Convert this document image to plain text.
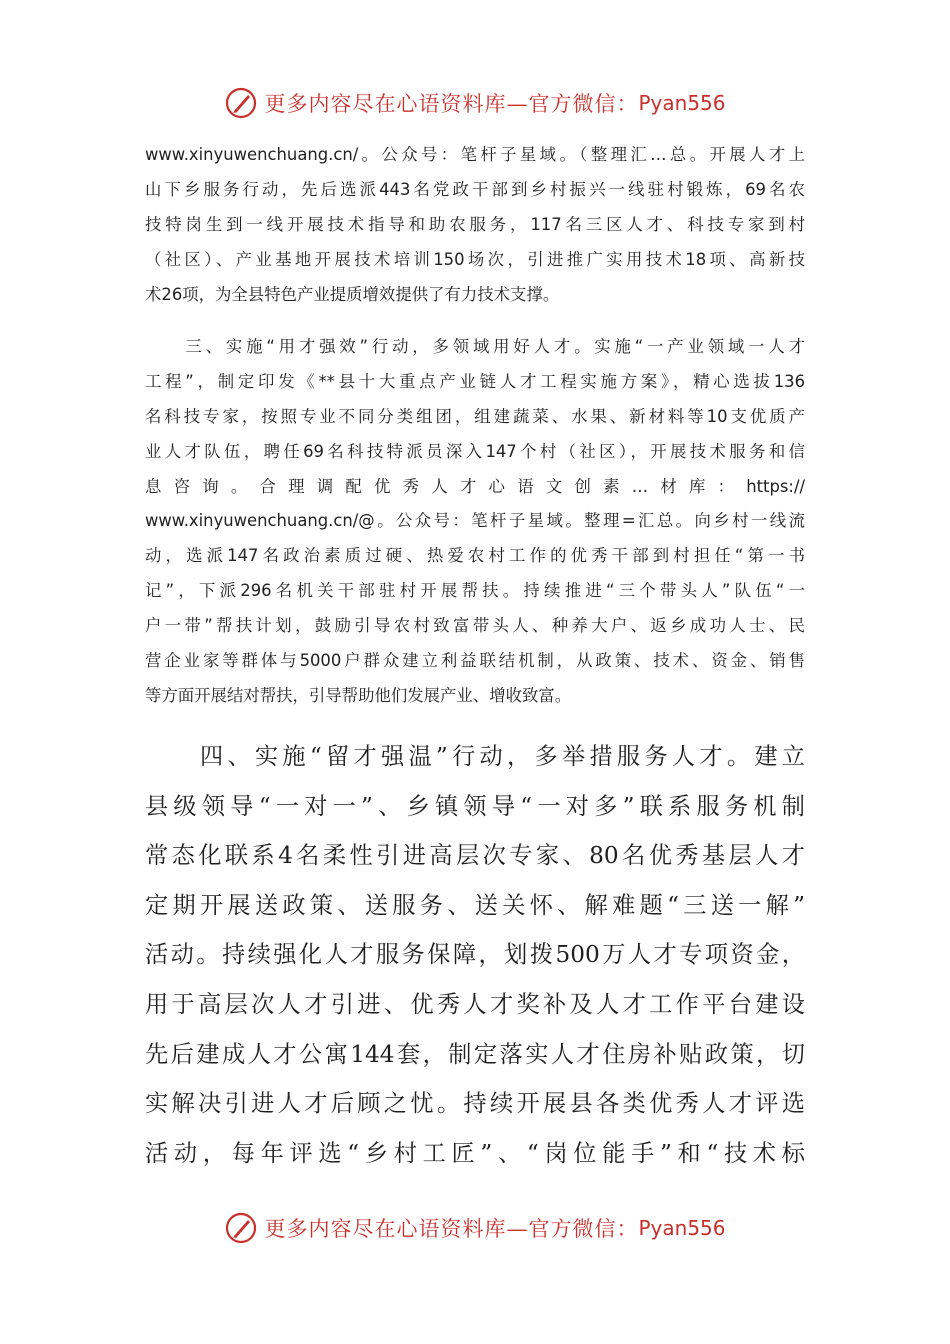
更多内容尽在心语资料库—官方微信： Pyan556

www.xinyuwenchuang.cn/。公众号：笔杆子星域。（整理汇…总。开展人才上

山下乡服务行动，先后选派443名党政干部到乡村振兴一线驻村锻炼，69名农

技特岗生到一线开展技术指导和助农服务，117名三区人才、科技专家到村

（社区）、产业基地开展技术培训150场次，引进推广实用技术18项、高新技

术26项，为全县特色产业提质增效提供了有力技术支撑。

　　三、实施“用才强效”行动，多领域用好人才。实施“一产业领域一人才

工程”，制定印发《**县十大重点产业链人才工程实施方案》，精心选拔136

名科技专家，按照专业不同分类组团，组建蔬菜、水果、新材料等10支优质产

业人才队伍，聘任69名科技特派员深入147个村（社区），开展技术服务和信

息咨询。合理调配优秀人才心语文创素…材库：https://

www.xinyuwenchuang.cn/@。公众号：笔杆子星域。整理=汇总。向乡村一线流

动，选派147名政治素质过硬、热爱农村工作的优秀干部到村担任“第一书

记”，下派296名机关干部驻村开展帮扶。持续推进“三个带头人”队伍“一

户一带”帮扶计划，鼓励引导农村致富带头人、种养大户、返乡成功人士、民

营企业家等群体与5000户群众建立利益联结机制，从政策、技术、资金、销售

等方面开展结对帮扶，引导帮助他们发展产业、增收致富。

　　四、实施“留才强温”行动，多举措服务人才。建立

县级领导“一对一”、乡镇领导“一对多”联系服务机制

常态化联系4名柔性引进高层次专家、80名优秀基层人才

定期开展送政策、送服务、送关怀、解难题“三送一解”

活动。持续强化人才服务保障，划拨500万人才专项资金，

用于高层次人才引进、优秀人才奖补及人才工作平台建设

先后建成人才公寓144套，制定落实人才住房补贴政策，切

实解决引进人才后顾之忧。持续开展县各类优秀人才评选

活动，每年评选“乡村工匠”、“岗位能手”和“技术标

更多内容尽在心语资料库—官方微信： Pyan556
